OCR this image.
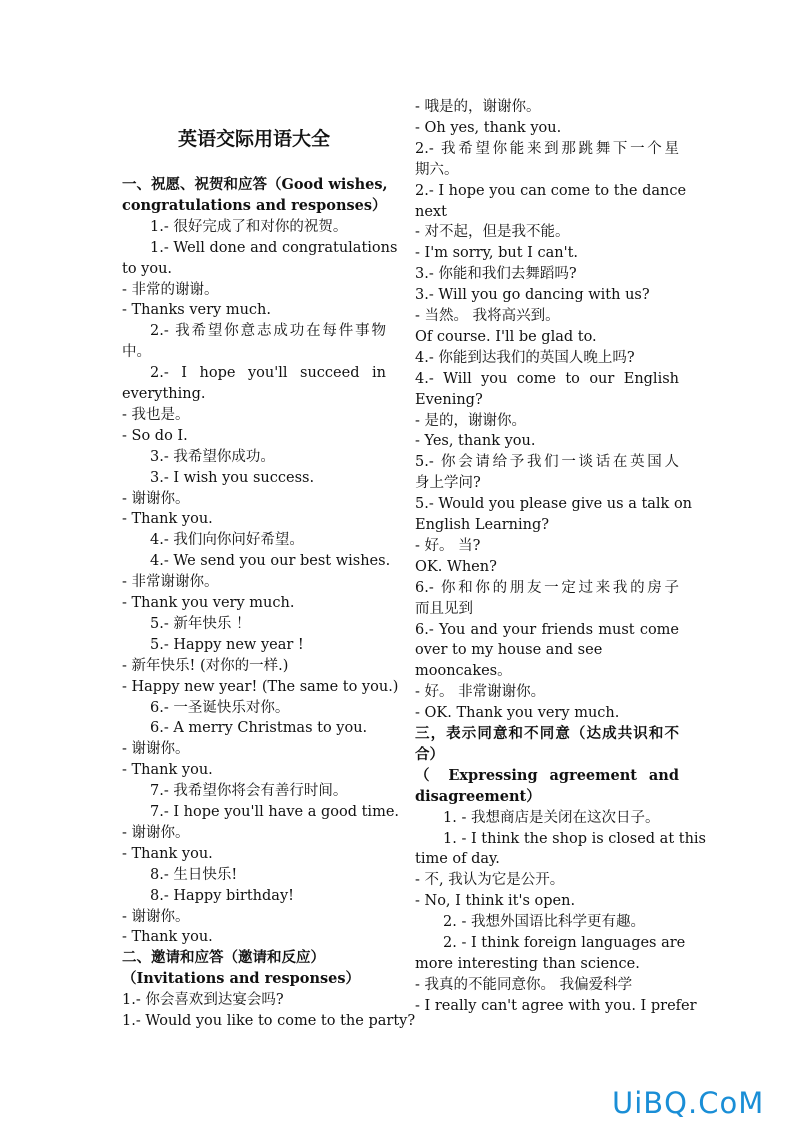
英语交际用语大全
一、祝愿、祝贺和应答（Good wishes,
congratulations and responses）
1.- 很好完成了和对你的祝贺。
1.- Well done and congratulations
to you.
- 非常的谢谢。
- Thanks very much.
2.- 我希望你意志成功在每件事物
中。
2.- I hope you'll succeed in
everything.
- 我也是。
- So do I.
3.- 我希望你成功。
3.- I wish you success.
- 谢谢你。
- Thank you.
4.- 我们向你问好希望。
4.- We send you our best wishes.
- 非常谢谢你。
- Thank you very much.
5.- 新年快乐 ！
5.- Happy new year !
- 新年快乐! (对你的一样.)
- Happy new year! (The same to you.)
6.- 一圣诞快乐对你。
6.- A merry Christmas to you.
- 谢谢你。
- Thank you.
7.- 我希望你将会有善行时间。
7.- I hope you'll have a good time.
- 谢谢你。
- Thank you.
8.- 生日快乐!
8.- Happy birthday!
- 谢谢你。
- Thank you.
二、邀请和应答（邀请和反应）
（Invitations and responses）
1.- 你会喜欢到达宴会吗?
1.- Would you like to come to the party?
- 哦是的，谢谢你。
- Oh yes, thank you.
2.- 我希望你能来到那跳舞下一个星
期六。
2.- I hope you can come to the dance
next
- 对不起，但是我不能。
- I'm sorry, but I can't.
3.- 你能和我们去舞蹈吗?
3.- Will you go dancing with us?
- 当然。 我将高兴到。
Of course. I'll be glad to.
4.- 你能到达我们的英国人晚上吗?
4.- Will you come to our English
Evening?
- 是的，谢谢你。
- Yes, thank you.
5.- 你会请给予我们一谈话在英国人
身上学问?
5.- Would you please give us a talk on
English Learning?
- 好。 当?
OK. When?
6.- 你和你的朋友一定过来我的房子
而且见到
6.- You and your friends must come
over to my house and see
mooncakes。
- 好。 非常谢谢你。
- OK. Thank you very much.
三，表示同意和不同意（达成共识和不
合）
（ Expressing agreement and
disagreement）
1. - 我想商店是关闭在这次日子。
1. - I think the shop is closed at this
time of day.
- 不, 我认为它是公开。
- No, I think it's open.
2. - 我想外国语比科学更有趣。
2. - I think foreign languages are
more interesting than science.
- 我真的不能同意你。 我偏爱科学
- I really can't agree with you. I prefer
UiBQ.CoM
